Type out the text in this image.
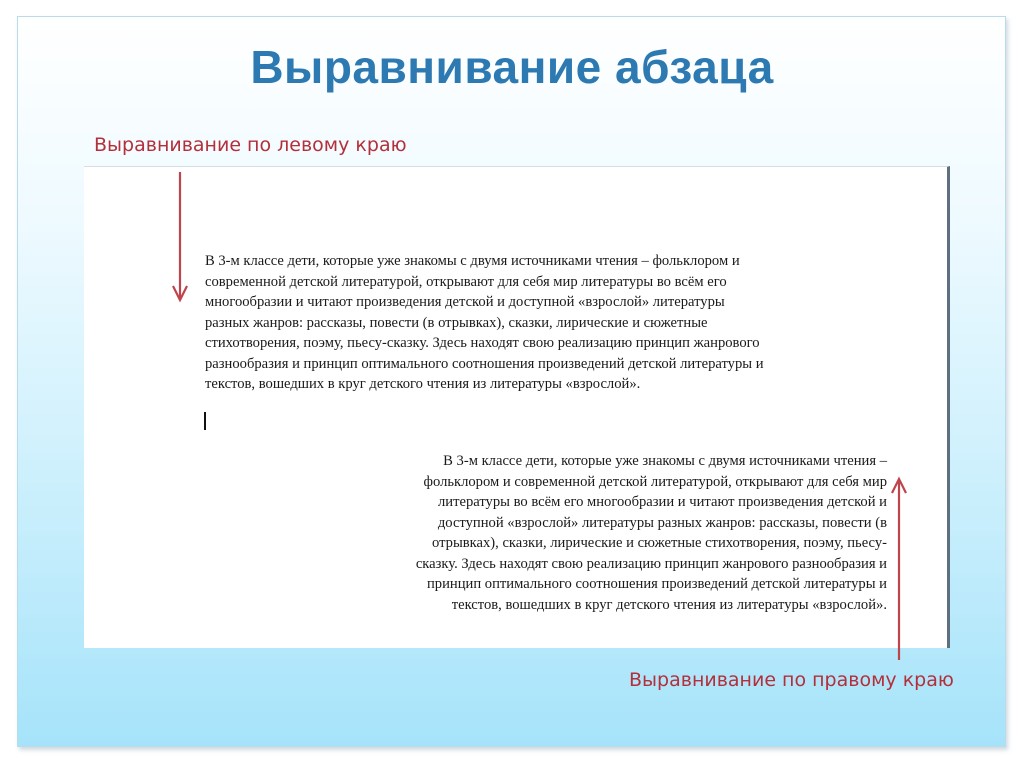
Выравнивание абзаца
Выравнивание по левому краю
В 3-м классе дети, которые уже знакомы с двумя источниками чтения – фольклором и
современной детской литературой, открывают для себя мир литературы во всём его
многообразии и читают произведения детской и доступной «взрослой» литературы
разных жанров: рассказы, повести (в отрывках), сказки, лирические и сюжетные
стихотворения, поэму, пьесу-сказку. Здесь находят свою реализацию принцип жанрового
разнообразия и принцип оптимального соотношения произведений детской литературы и
текстов, вошедших в круг детского чтения из литературы «взрослой».
В 3-м классе дети, которые уже знакомы с двумя источниками чтения –
фольклором и современной детской литературой, открывают для себя мир
литературы во всём его многообразии и читают произведения детской и
доступной «взрослой» литературы разных жанров: рассказы, повести (в
отрывках), сказки, лирические и сюжетные стихотворения, поэму, пьесу-
сказку. Здесь находят свою реализацию принцип жанрового разнообразия и
принцип оптимального соотношения произведений детской литературы и
текстов, вошедших в круг детского чтения из литературы «взрослой».
Выравнивание по правому краю
